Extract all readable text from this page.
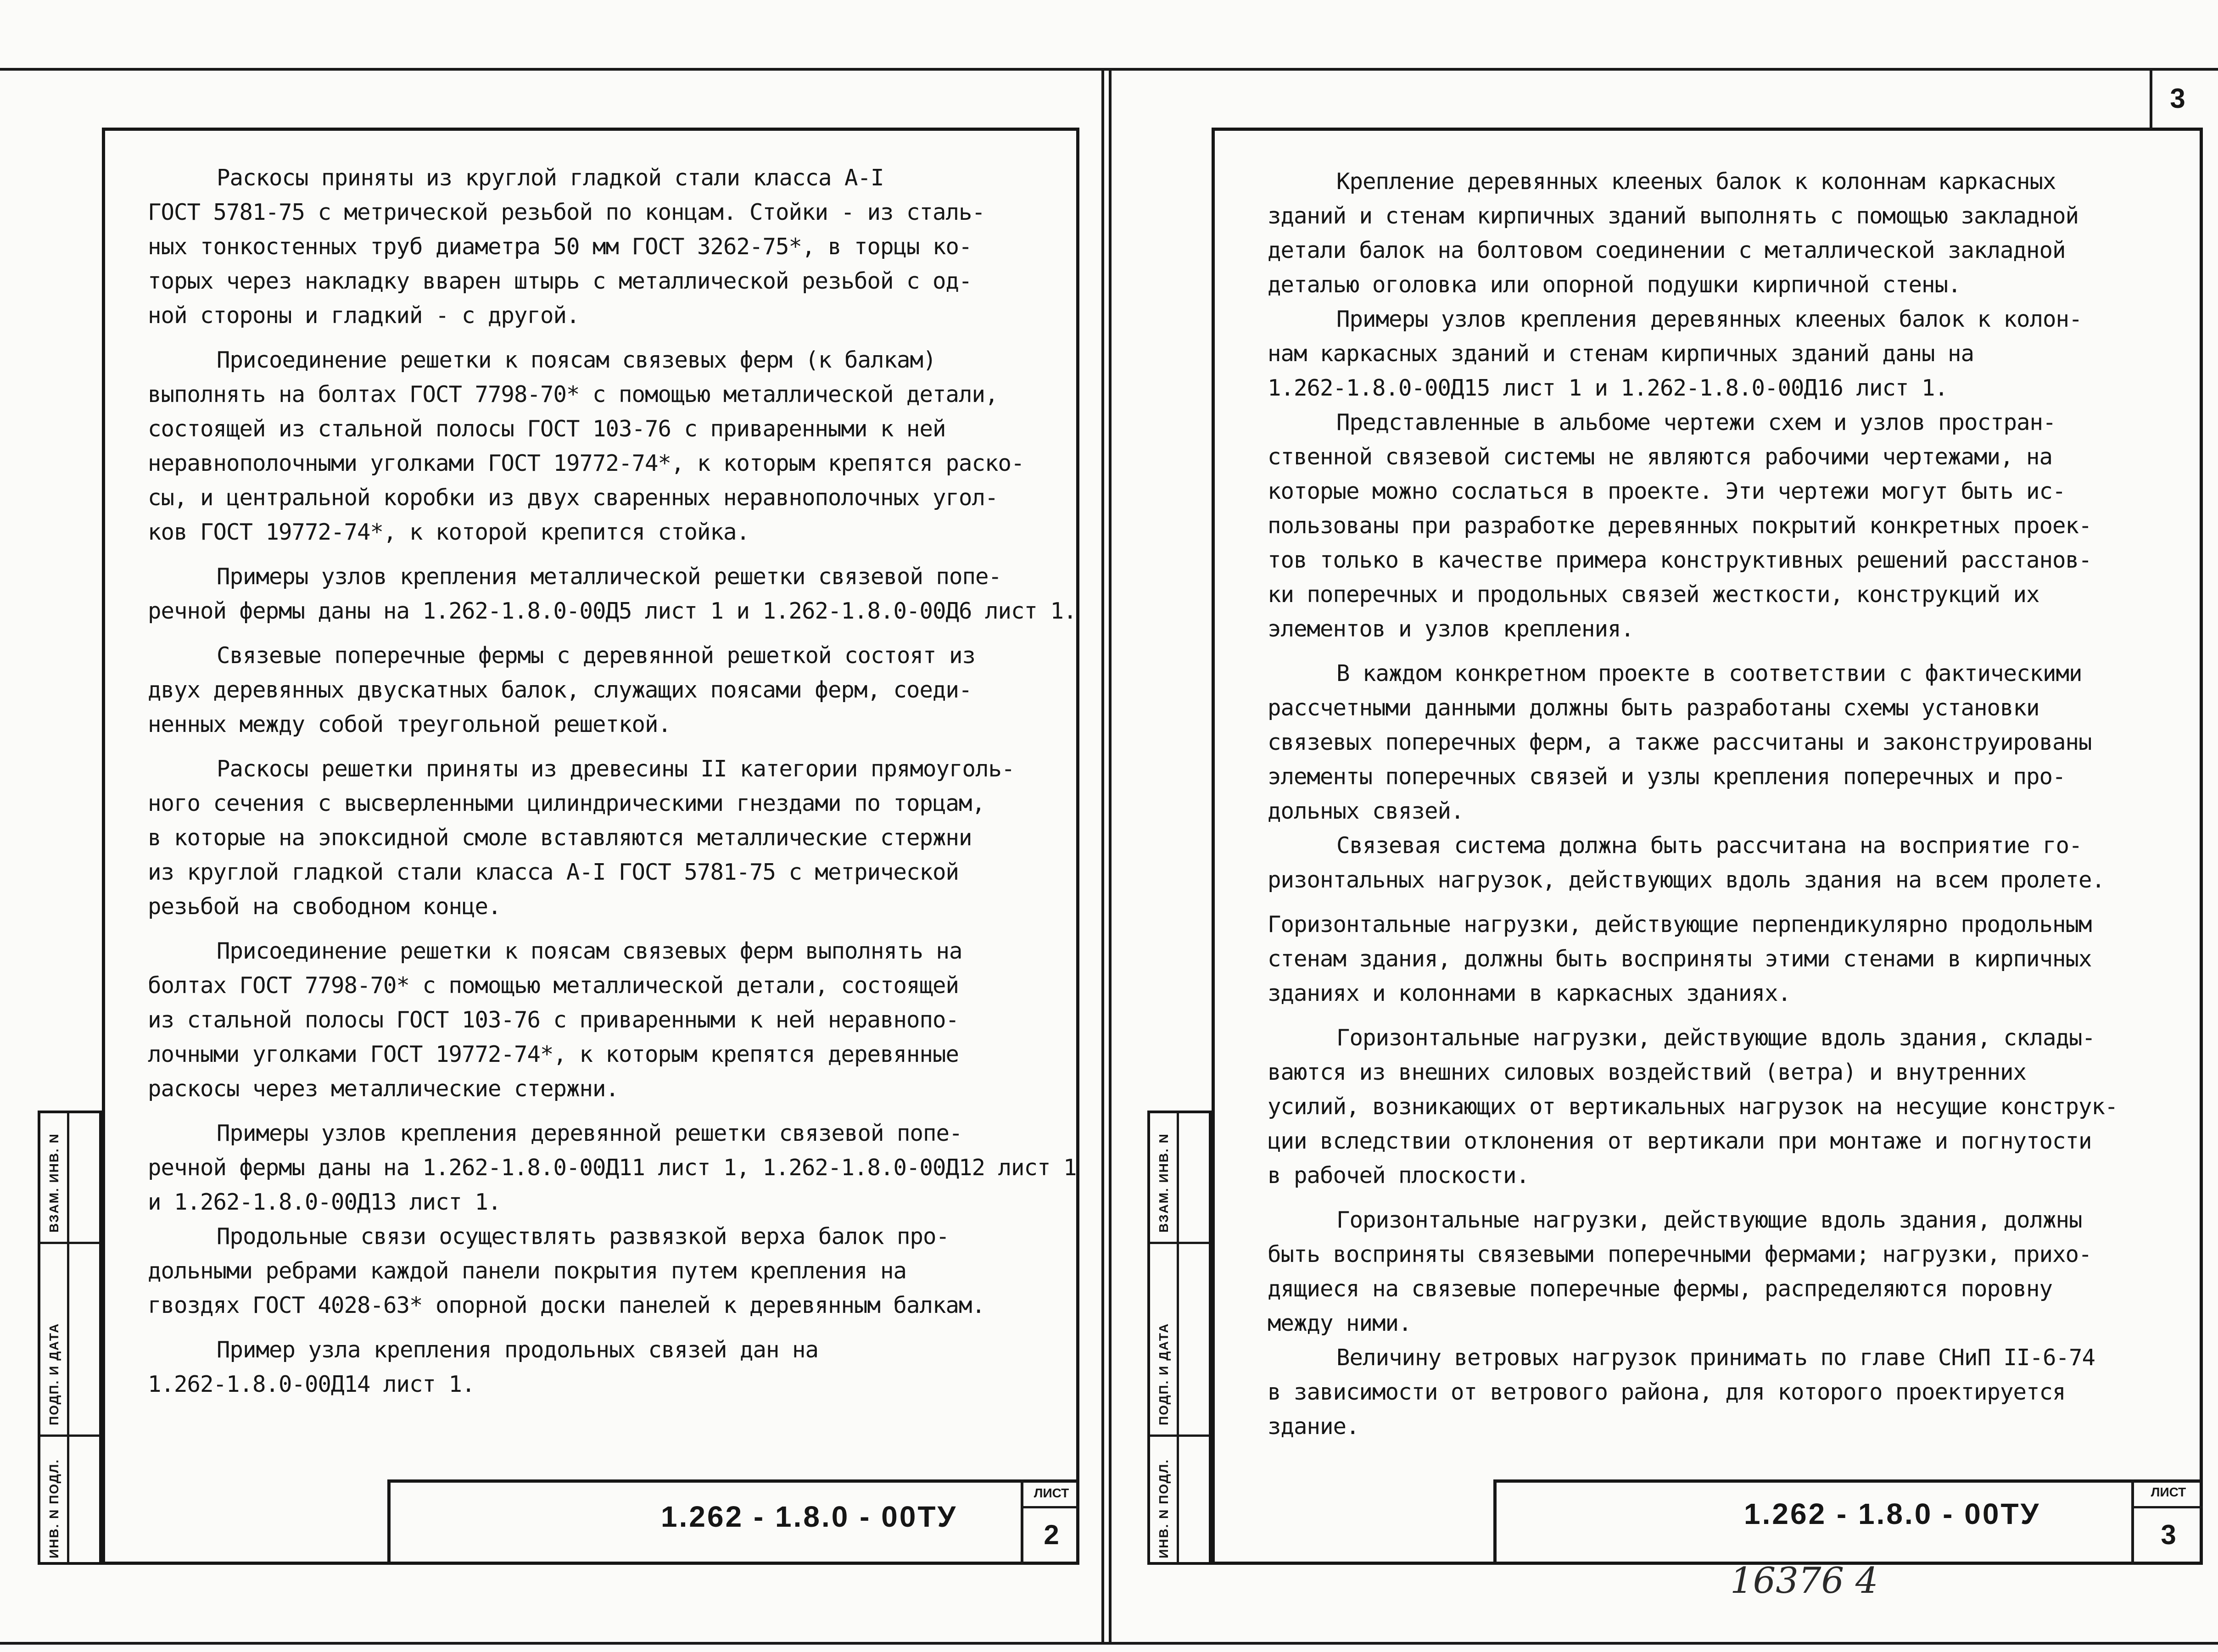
Раскосы приняты из круглой гладкой стали класса А-I
ГОСТ 5781-75 с метрической резьбой по концам. Стойки - из сталь-
ных тонкостенных труб диаметра 50 мм ГОСТ 3262-75*, в торцы ко-
торых через накладку вварен штырь с металлической резьбой с од-
ной стороны и гладкий - с другой.
Присоединение решетки к поясам связевых ферм (к балкам)
выполнять на болтах ГОСТ 7798-70* с помощью металлической детали,
состоящей из стальной полосы ГОСТ 103-76 с приваренными к ней
неравнополочными уголками ГОСТ 19772-74*, к которым крепятся раско-
сы, и центральной коробки из двух сваренных неравнополочных угол-
ков ГОСТ 19772-74*, к которой крепится стойка.
Примеры узлов крепления металлической решетки связевой попе-
речной фермы даны на 1.262-1.8.0-00Д5 лист 1 и 1.262-1.8.0-00Д6 лист 1.
Связевые поперечные фермы с деревянной решеткой состоят из
двух деревянных двускатных балок, служащих поясами ферм, соеди-
ненных между собой треугольной решеткой.
Раскосы решетки приняты из древесины II категории прямоуголь-
ного сечения с высверленными цилиндрическими гнездами по торцам,
в которые на эпоксидной смоле вставляются металлические стержни
из круглой гладкой стали класса А-I ГОСТ 5781-75 с метрической
резьбой на свободном конце.
Присоединение решетки к поясам связевых ферм выполнять на
болтах ГОСТ 7798-70* с помощью металлической детали, состоящей
из стальной полосы ГОСТ 103-76 с приваренными к ней неравнопо-
лочными уголками ГОСТ 19772-74*, к которым крепятся деревянные
раскосы через металлические стержни.
Примеры узлов крепления деревянной решетки связевой попе-
речной фермы даны на 1.262-1.8.0-00Д11 лист 1, 1.262-1.8.0-00Д12 лист 1
и 1.262-1.8.0-00Д13 лист 1.
Продольные связи осуществлять развязкой верха балок про-
дольными ребрами каждой панели покрытия путем крепления на
гвоздях ГОСТ 4028-63* опорной доски панелей к деревянным балкам.
Пример узла крепления продольных связей дан на
1.262-1.8.0-00Д14 лист 1.
1.262 - 1.8.0 - 00ТУ
ЛИСТ
2
ВЗАМ. ИНВ. N
ПОДП. И ДАТА
ИНВ. N ПОДЛ.
3
Крепление деревянных клееных балок к колоннам каркасных
зданий и стенам кирпичных зданий выполнять с помощью закладной
детали балок на болтовом соединении с металлической закладной
деталью оголовка или опорной подушки кирпичной стены.
Примеры узлов крепления деревянных клееных балок к колон-
нам каркасных зданий и стенам кирпичных зданий даны на
1.262-1.8.0-00Д15 лист 1 и 1.262-1.8.0-00Д16 лист 1.
Представленные в альбоме чертежи схем и узлов простран-
ственной связевой системы не являются рабочими чертежами, на
которые можно сослаться в проекте. Эти чертежи могут быть ис-
пользованы при разработке деревянных покрытий конкретных проек-
тов только в качестве примера конструктивных решений расстанов-
ки поперечных и продольных связей жесткости, конструкций их
элементов и узлов крепления.
В каждом конкретном проекте в соответствии с фактическими
рассчетными данными должны быть разработаны схемы установки
связевых поперечных ферм, а также рассчитаны и законструированы
элементы поперечных связей и узлы крепления поперечных и про-
дольных связей.
Связевая система должна быть рассчитана на восприятие го-
ризонтальных нагрузок, действующих вдоль здания на всем пролете.
Горизонтальные нагрузки, действующие перпендикулярно продольным
стенам здания, должны быть восприняты этими стенами в кирпичных
зданиях и колоннами в каркасных зданиях.
Горизонтальные нагрузки, действующие вдоль здания, склады-
ваются из внешних силовых воздействий (ветра) и внутренних
усилий, возникающих от вертикальных нагрузок на несущие конструк-
ции вследствии отклонения от вертикали при монтаже и погнутости
в рабочей плоскости.
Горизонтальные нагрузки, действующие вдоль здания, должны
быть восприняты связевыми поперечными фермами; нагрузки, прихо-
дящиеся на связевые поперечные фермы, распределяются поровну
между ними.
Величину ветровых нагрузок принимать по главе СНиП II-6-74
в зависимости от ветрового района, для которого проектируется
здание.
1.262 - 1.8.0 - 00ТУ
ЛИСТ
3
ВЗАМ. ИНВ. N
ПОДП. И ДАТА
ИНВ. N ПОДЛ.
16376 4
